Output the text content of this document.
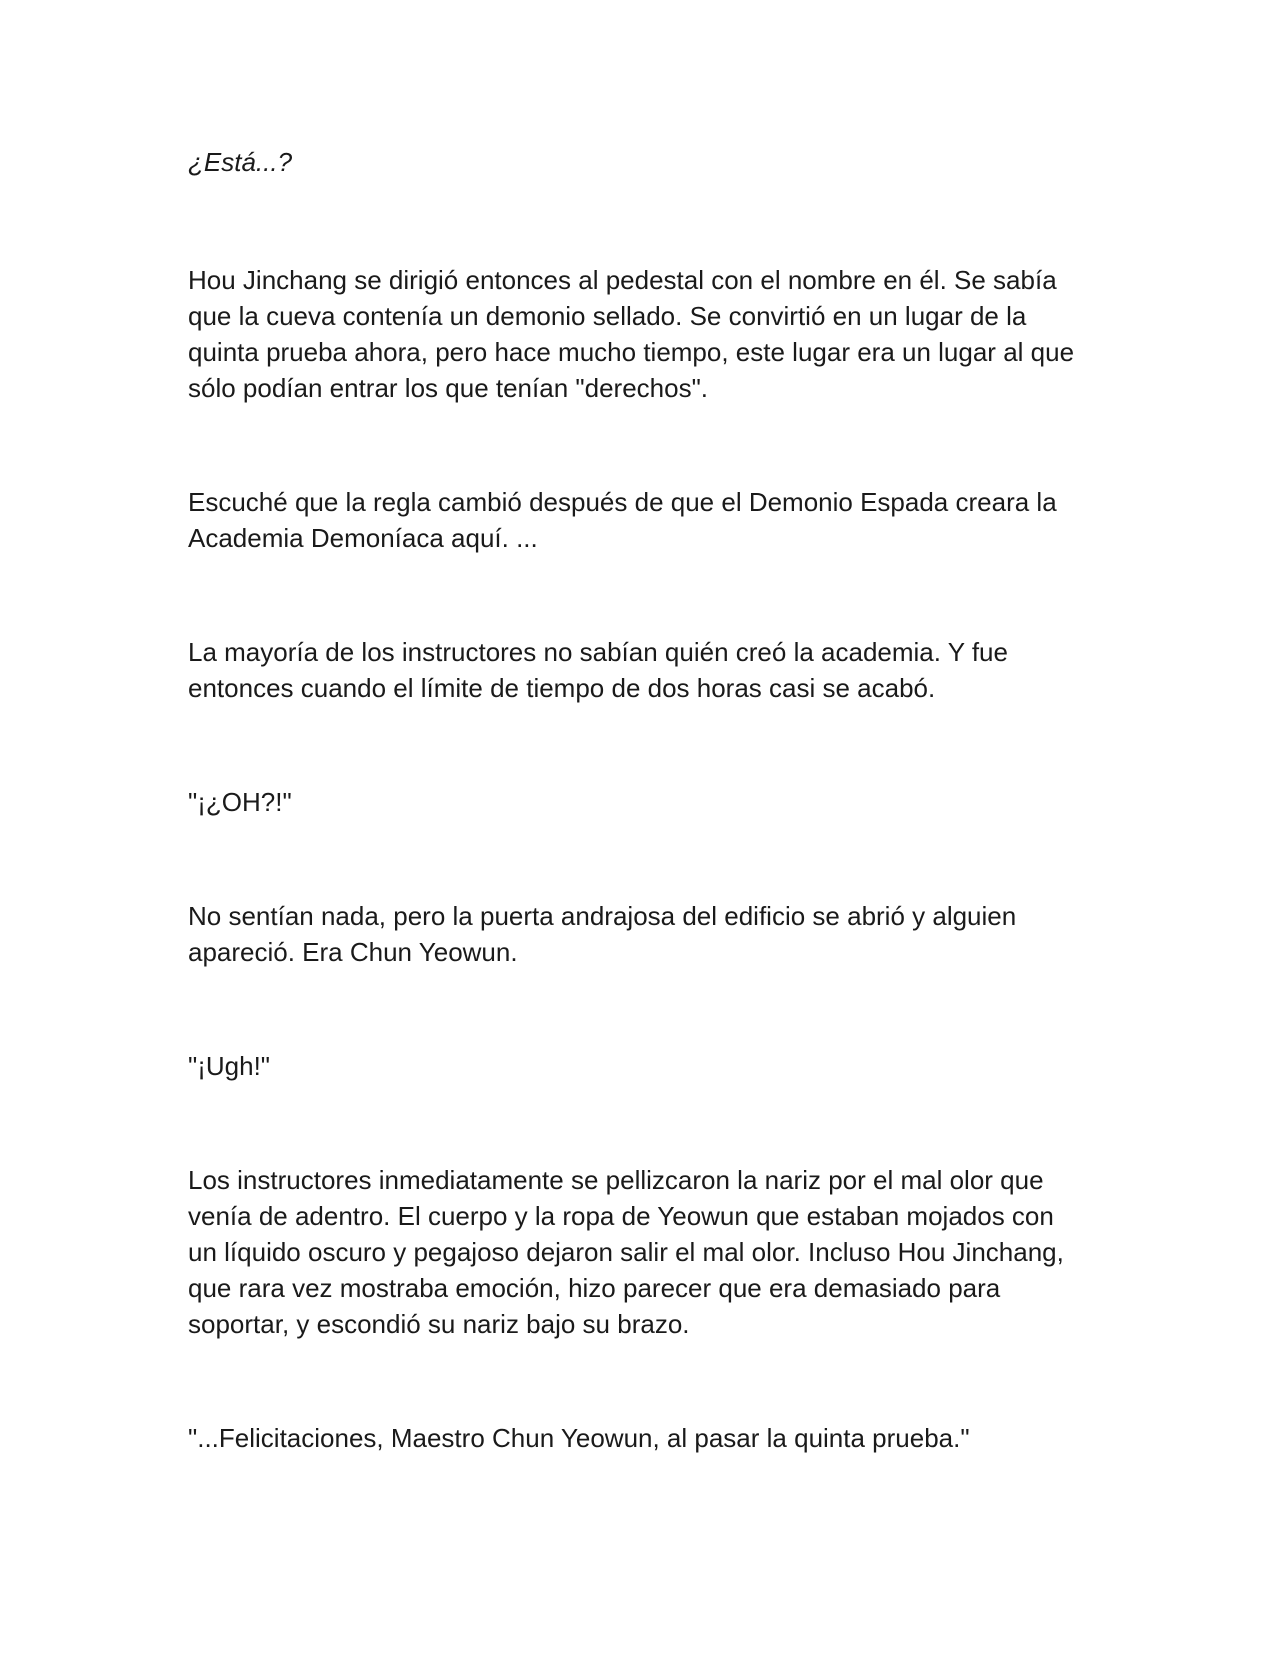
¿Está...?

Hou Jinchang se dirigió entonces al pedestal con el nombre en él. Se sabía que la cueva contenía un demonio sellado. Se convirtió en un lugar de la quinta prueba ahora, pero hace mucho tiempo, este lugar era un lugar al que sólo podían entrar los que tenían "derechos".

Escuché que la regla cambió después de que el Demonio Espada creara la Academia Demoníaca aquí. ...

La mayoría de los instructores no sabían quién creó la academia. Y fue entonces cuando el límite de tiempo de dos horas casi se acabó.

"¡¿OH?!"

No sentían nada, pero la puerta andrajosa del edificio se abrió y alguien apareció. Era Chun Yeowun.

"¡Ugh!"

Los instructores inmediatamente se pellizcaron la nariz por el mal olor que venía de adentro. El cuerpo y la ropa de Yeowun que estaban mojados con un líquido oscuro y pegajoso dejaron salir el mal olor. Incluso Hou Jinchang, que rara vez mostraba emoción, hizo parecer que era demasiado para soportar, y escondió su nariz bajo su brazo.

"...Felicitaciones, Maestro Chun Yeowun, al pasar la quinta prueba."
